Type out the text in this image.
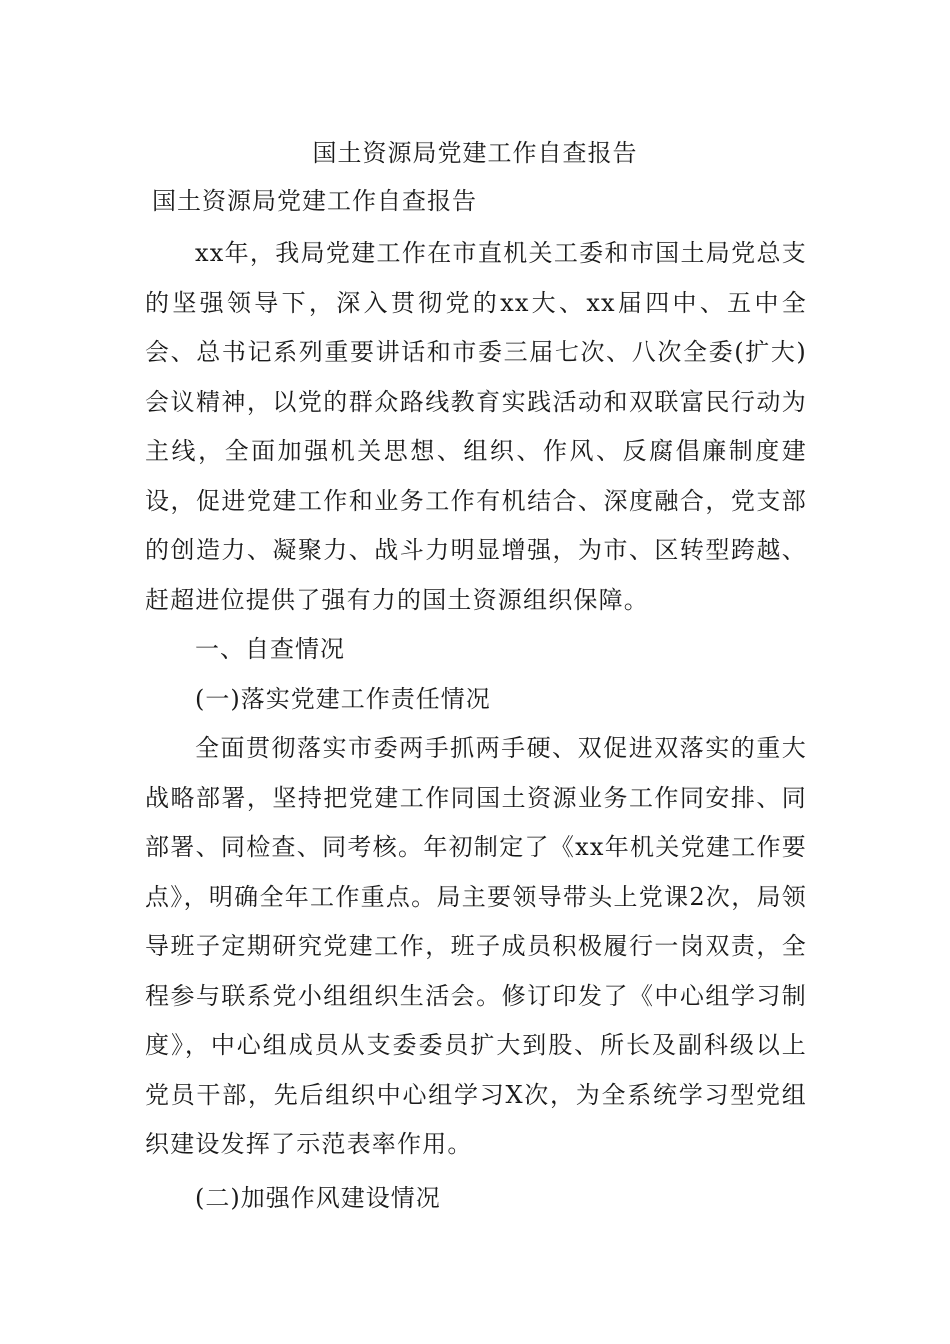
国土资源局党建工作自查报告
国土资源局党建工作自查报告

xx年，我局党建工作在市直机关工委和市国土局党总支的坚强领导下，深入贯彻党的xx大、xx届四中、五中全会、总书记系列重要讲话和市委三届七次、八次全委(扩大)会议精神，以党的群众路线教育实践活动和双联富民行动为主线，全面加强机关思想、组织、作风、反腐倡廉制度建设，促进党建工作和业务工作有机结合、深度融合，党支部的创造力、凝聚力、战斗力明显增强，为市、区转型跨越、赶超进位提供了强有力的国土资源组织保障。

一、自查情况

(一)落实党建工作责任情况

全面贯彻落实市委两手抓两手硬、双促进双落实的重大战略部署，坚持把党建工作同国土资源业务工作同安排、同部署、同检查、同考核。年初制定了《xx年机关党建工作要点》，明确全年工作重点。局主要领导带头上党课2次，局领导班子定期研究党建工作，班子成员积极履行一岗双责，全程参与联系党小组组织生活会。修订印发了《中心组学习制度》，中心组成员从支委委员扩大到股、所长及副科级以上党员干部，先后组织中心组学习X次，为全系统学习型党组织建设发挥了示范表率作用。

(二)加强作风建设情况
